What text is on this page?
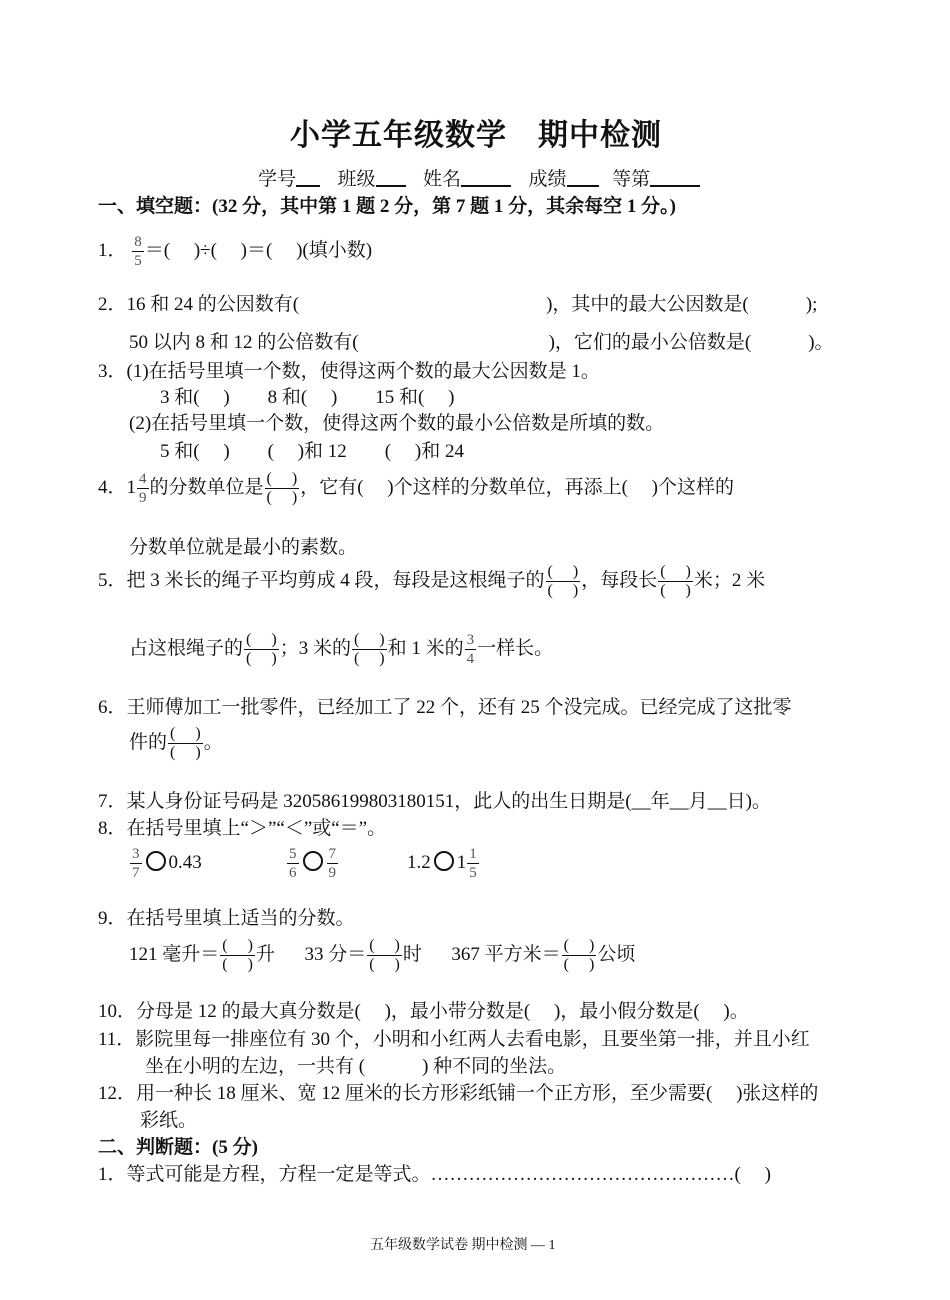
小学五年级数学　期中检测
学号 班级	姓名	成绩 等第
一、填空题：(32 分，其中第 1 题 2 分，第 7 题 1 分，其余每空 1 分。)
1． $\frac{8}{5}$ ＝(　 )÷(　 )＝(　 )(填小数)
2．16 和 24 的公因数有(　　　　　　　　　　　　　)，其中的最大公因数是(　　　);
50 以内 8 和 12 的公倍数有(　　　　　　　　　　)，它们的最小公倍数是(　　　)。
3．(1)在括号里填一个数，使得这两个数的最大公因数是 1。
3 和(　 )　　8 和(　 )　　15 和(　 )
(2)在括号里填一个数，使得这两个数的最小公倍数是所填的数。
5 和(　 )　　(　 )和 12　　(　 )和 24
4．$1 \frac{4}{9}$ 的分数单位是 $\frac{( )}{( )}$ ，它有(　 )个这样的分数单位，再添上(　 )个这样的
分数单位就是最小的素数。
5．把 3 米长的绳子平均剪成 4 段，每段是这根绳子的 $\frac{( )}{( )}$ ，每段长 $\frac{( )}{( )}$ 米；2 米
占这根绳子的 $\frac{( )}{( )}$ ；3 米的 $\frac{( )}{( )}$ 和 1 米的 $\frac{3}{4}$ 一样长。
6．王师傅加工一批零件，已经加工了 22 个，还有 25 个没完成。已经完成了这批零
件的 $\frac{( )}{( )}$ 。
7．某人身份证号码是 320586199803180151，此人的出生日期是(__年__月__日)。
8．在括号里填上“＞”“＜”或“＝”。
$\frac{3}{7} 0.43$	$\frac{5}{6} \frac{7}{9}$	1.2 $1 \frac{1}{5}$
9．在括号里填上适当的分数。
121 毫升＝ $\frac{( )}{( )}$ 升 33 分＝ $\frac{( )}{( )}$ 时 367 平方米＝ $\frac{( )}{( )}$ 公顷
10．分母是 12 的最大真分数是(　 )，最小带分数是(　 )，最小假分数是(　 )。
11．影院里每一排座位有 30 个，小明和小红两人去看电影，且要坐第一排，并且小红
坐在小明的左边，一共有 (　　　) 种不同的坐法。
12．用一种长 18 厘米、宽 12 厘米的长方形彩纸铺一个正方形，至少需要(　 )张这样的
彩纸。
二、判断题：(5 分)
1．等式可能是方程，方程一定是等式。…………………………………………(　 )
五年级数学试卷 期中检测 — 1
